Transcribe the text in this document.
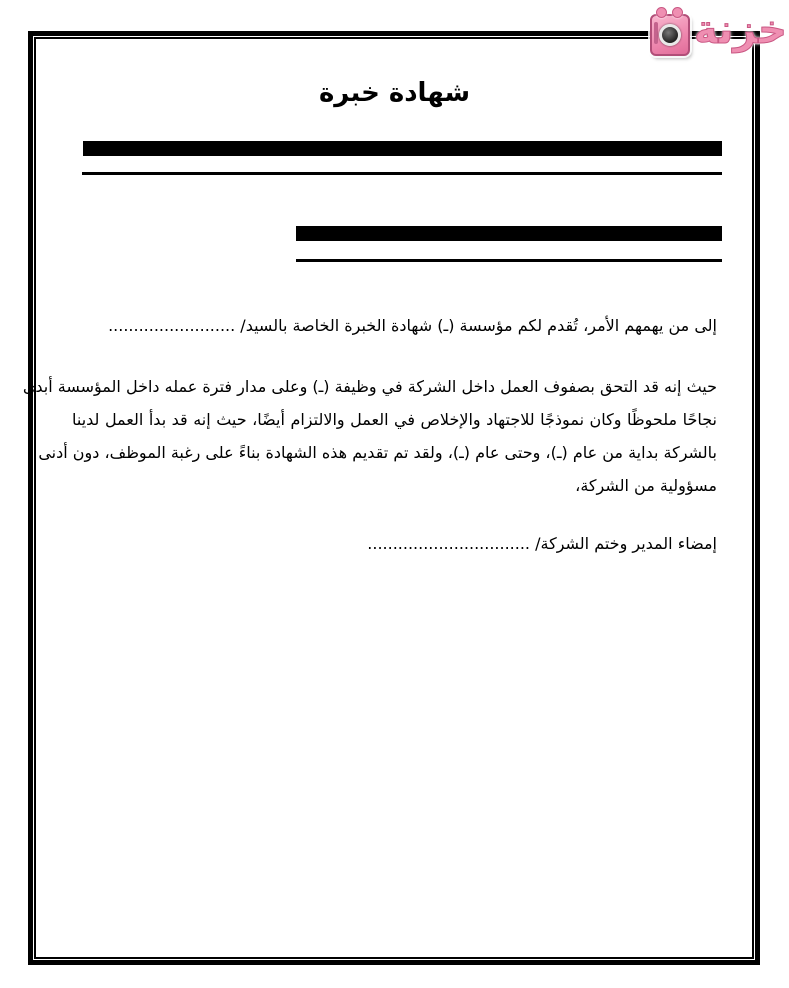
خزنة
شهادة خبرة
إلى من يهمهم الأمر، تُقدم لكم مؤسسة (ـ) شهادة الخبرة الخاصة بالسيد/ .........................
حيث إنه قد التحق بصفوف العمل داخل الشركة في وظيفة (ـ) وعلى مدار فترة عمله داخل المؤسسة أبدى
نجاحًا ملحوظًا وكان نموذجًا للاجتهاد والإخلاص في العمل والالتزام أيضًا، حيث إنه قد بدأ العمل لدينا
بالشركة بداية من عام (ـ)، وحتى عام (ـ)، ولقد تم تقديم هذه الشهادة بناءً على رغبة الموظف، دون أدنى
مسؤولية من الشركة،
إمضاء المدير وختم الشركة/ ................................
